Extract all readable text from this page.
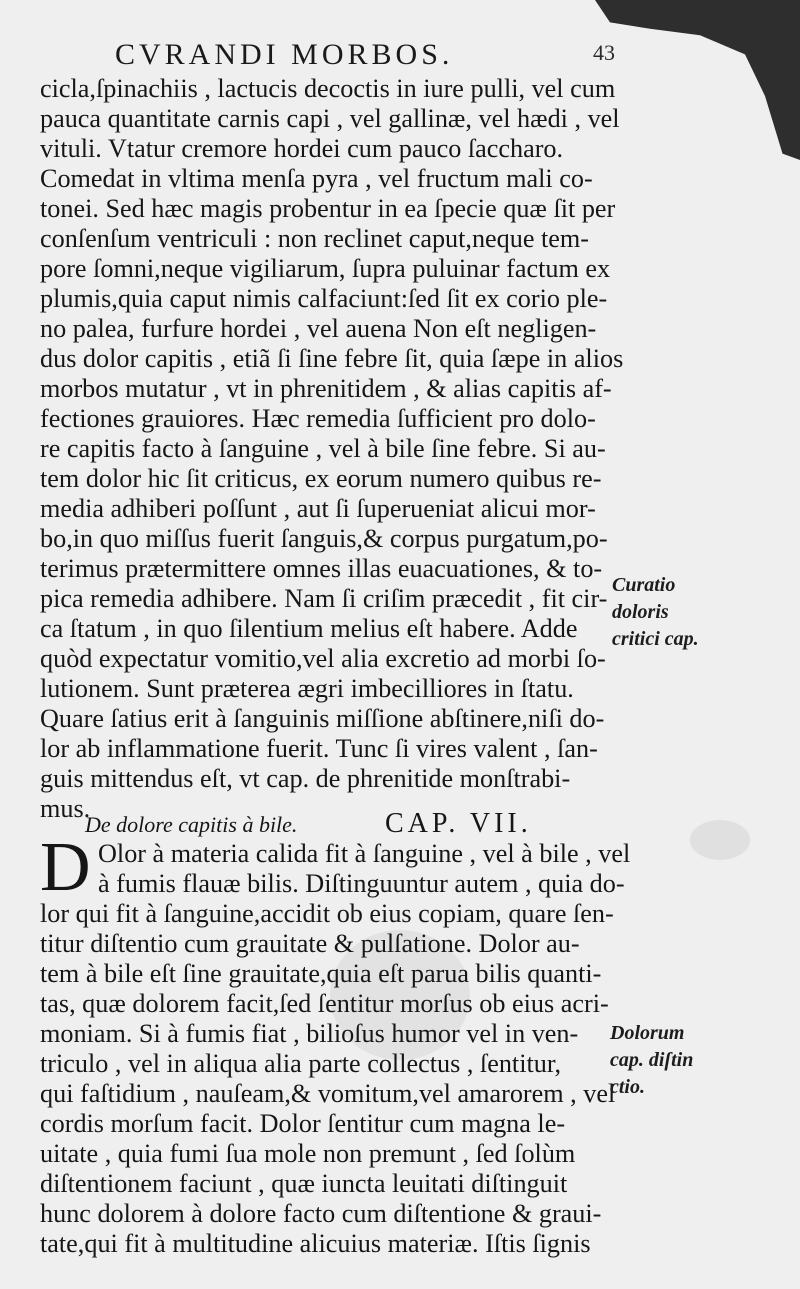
CVRANDI MORBOS.	43
cicla,ſpinachiis , lactucis decoctis in iure pulli, vel cum
pauca quantitate carnis capi , vel gallinæ, vel hædi , vel
vituli. Vtatur cremore hordei cum pauco ſaccharo.
Comedat in vltima menſa pyra , vel fructum mali co-
tonei. Sed hæc magis probentur in ea ſpecie quæ ſit per
conſenſum ventriculi : non reclinet caput,neque tem-
pore ſomni,neque vigiliarum, ſupra puluinar factum ex
plumis,quia caput nimis calfaciunt:ſed ſit ex corio ple-
no palea, furfure hordei , vel auena Non eſt negligen-
dus dolor capitis , etiã ſi ſine febre ſit, quia ſæpe in alios
morbos mutatur , vt in phrenitidem , & alias capitis af-
fectiones grauiores. Hæc remedia ſufficient pro dolo-
re capitis facto à ſanguine , vel à bile ſine febre. Si au-
tem dolor hic ſit criticus, ex eorum numero quibus re-
media adhiberi poſſunt , aut ſi ſuperueniat alicui mor-
bo,in quo miſſus fuerit ſanguis,& corpus purgatum,po-
terimus prætermittere omnes illas euacuationes, & to-
pica remedia adhibere. Nam ſi criſim præcedit , fit cir-
ca ſtatum , in quo ſilentium melius eſt habere. Adde
quòd expectatur vomitio,vel alia excretio ad morbi ſo-
lutionem. Sunt præterea ægri imbecilliores in ſtatu.
Quare ſatius erit à ſanguinis miſſione abſtinere,niſi do-
lor ab inflammatione fuerit. Tunc ſi vires valent , ſan-
guis mittendus eſt, vt cap. de phrenitide monſtrabi-
mus.
De dolore capitis à bile.	CAP. VII.
D Olor à materia calida fit à ſanguine , vel à bile , vel
à fumis flauæ bilis. Diſtinguuntur autem , quia do-
lor qui fit à ſanguine,accidit ob eius copiam, quare ſen-
titur diſtentio cum grauitate & pulſatione. Dolor au-
tem à bile eſt ſine grauitate,quia eſt parua bilis quanti-
tas, quæ dolorem facit,ſed ſentitur morſus ob eius acri-
moniam. Si à fumis fiat , bilioſus humor vel in ven-
triculo , vel in aliqua alia parte collectus , ſentitur,
qui faſtidium , nauſeam,& vomitum,vel amarorem , vel
cordis morſum facit. Dolor ſentitur cum magna le-
uitate , quia fumi ſua mole non premunt , ſed ſolùm
diſtentionem faciunt , quæ iuncta leuitati diſtinguit
hunc dolorem à dolore facto cum diſtentione & graui-
tate,qui fit à multitudine alicuius materiæ. Iſtis ſignis
Curatio
doloris
critici cap.
Dolorum
cap. diſtin
ctio.
